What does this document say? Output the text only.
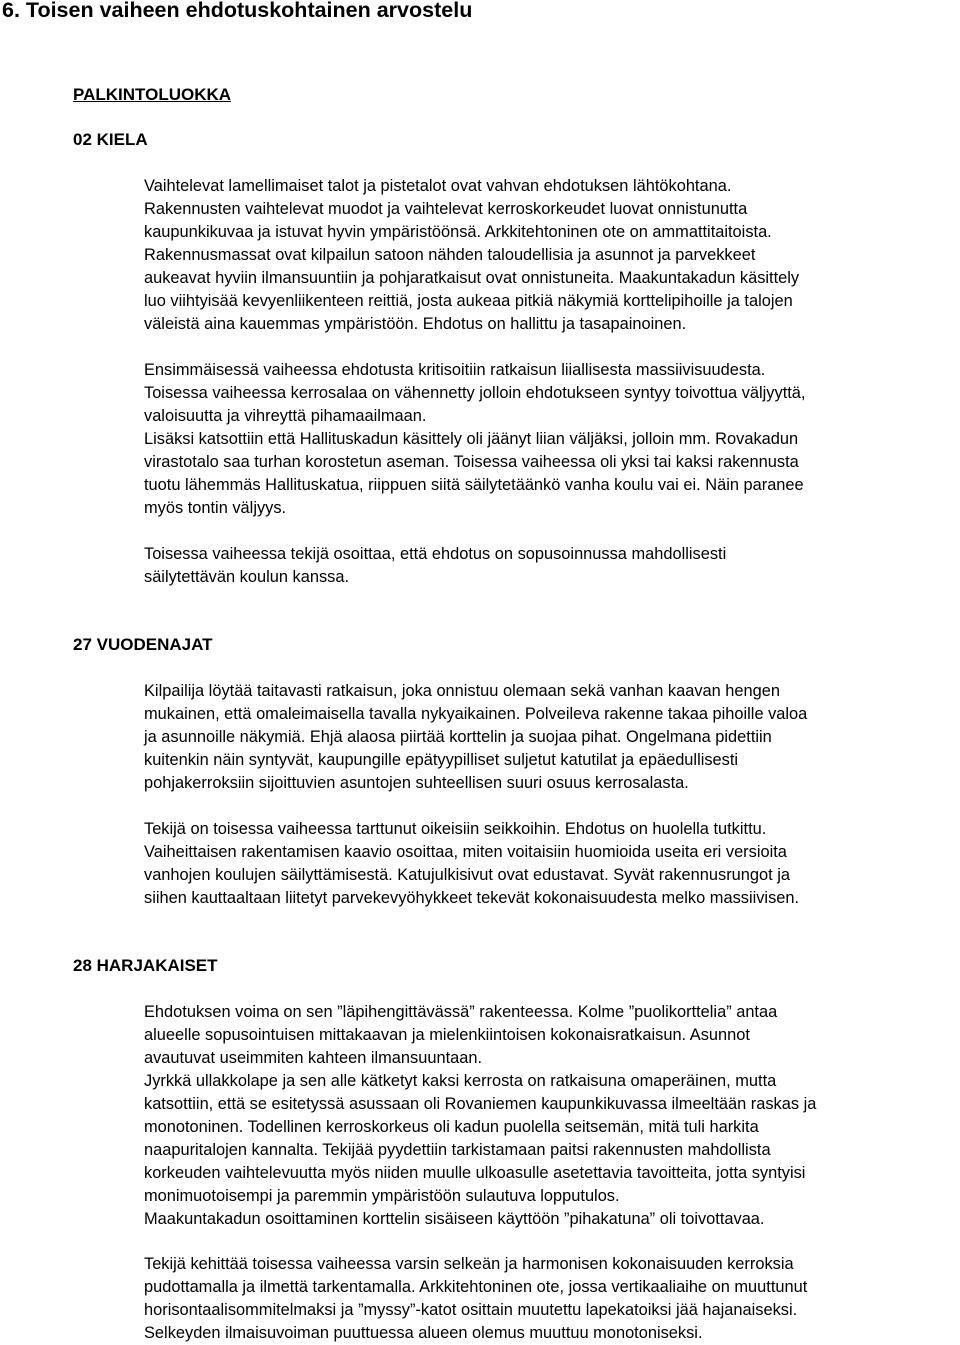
6. Toisen vaiheen ehdotuskohtainen arvostelu
PALKINTOLUOKKA
02 KIELA
Vaihtelevat lamellimaiset talot ja pistetalot ovat vahvan ehdotuksen lähtökohtana.
Rakennusten vaihtelevat muodot ja vaihtelevat kerroskorkeudet luovat onnistunutta
kaupunkikuvaa ja istuvat hyvin ympäristöönsä. Arkkitehtoninen ote on ammattitaitoista.
Rakennusmassat ovat kilpailun satoon nähden taloudellisia ja asunnot ja parvekkeet
aukeavat hyviin ilmansuuntiin ja pohjaratkaisut ovat onnistuneita. Maakuntakadun käsittely
luo viihtyisää kevyenliikenteen reittiä, josta aukeaa pitkiä näkymiä korttelipihoille ja talojen
väleistä aina kauemmas ympäristöön. Ehdotus on hallittu ja tasapainoinen.
Ensimmäisessä vaiheessa ehdotusta kritisoitiin ratkaisun liiallisesta massiivisuudesta.
Toisessa vaiheessa kerrosalaa on vähennetty jolloin ehdotukseen syntyy toivottua väljyyttä,
valoisuutta ja vihreyttä pihamaailmaan.
Lisäksi katsottiin että Hallituskadun käsittely oli jäänyt liian väljäksi, jolloin mm. Rovakadun
virastotalo saa turhan korostetun aseman. Toisessa vaiheessa oli yksi tai kaksi rakennusta
tuotu lähemmäs Hallituskatua, riippuen siitä säilytetäänkö vanha koulu vai ei. Näin paranee
myös tontin väljyys.
Toisessa vaiheessa tekijä osoittaa, että ehdotus on sopusoinnussa mahdollisesti
säilytettävän koulun kanssa.
27 VUODENAJAT
Kilpailija löytää taitavasti ratkaisun, joka onnistuu olemaan sekä vanhan kaavan hengen
mukainen, että omaleimaisella tavalla nykyaikainen. Polveileva rakenne takaa pihoille valoa
ja asunnoille näkymiä. Ehjä alaosa piirtää korttelin ja suojaa pihat. Ongelmana pidettiin
kuitenkin näin syntyvät, kaupungille epätyypilliset suljetut katutilat ja epäedullisesti
pohjakerroksiin sijoittuvien asuntojen suhteellisen suuri osuus kerrosalasta.
Tekijä on toisessa vaiheessa tarttunut oikeisiin seikkoihin. Ehdotus on huolella tutkittu.
Vaiheittaisen rakentamisen kaavio osoittaa, miten voitaisiin huomioida useita eri versioita
vanhojen koulujen säilyttämisestä. Katujulkisivut ovat edustavat. Syvät rakennusrungot ja
siihen kauttaaltaan liitetyt parvekevyöhykkeet tekevät kokonaisuudesta melko massiivisen.
28 HARJAKAISET
Ehdotuksen voima on sen ”läpihengittävässä” rakenteessa. Kolme ”puolikorttelia” antaa
alueelle sopusointuisen mittakaavan ja mielenkiintoisen kokonaisratkaisun. Asunnot
avautuvat useimmiten kahteen ilmansuuntaan.
Jyrkkä ullakkolape ja sen alle kätketyt kaksi kerrosta on ratkaisuna omaperäinen, mutta
katsottiin, että se esitetyssä asussaan oli Rovaniemen kaupunkikuvassa ilmeeltään raskas ja
monotoninen. Todellinen kerroskorkeus oli kadun puolella seitsemän, mitä tuli harkita
naapuritalojen kannalta. Tekijää pyydettiin tarkistamaan paitsi rakennusten mahdollista
korkeuden vaihtelevuutta myös niiden muulle ulkoasulle asetettavia tavoitteita, jotta syntyisi
monimuotoisempi ja paremmin ympäristöön sulautuva lopputulos.
Maakuntakadun osoittaminen korttelin sisäiseen käyttöön ”pihakatuna” oli toivottavaa.
Tekijä kehittää toisessa vaiheessa varsin selkeän ja harmonisen kokonaisuuden kerroksia
pudottamalla ja ilmettä tarkentamalla. Arkkitehtoninen ote, jossa vertikaaliaihe on muuttunut
horisontaalisommitelmaksi ja ”myssy”-katot osittain muutettu lapekatoiksi jää hajanaiseksi.
Selkeyden ilmaisuvoiman puuttuessa alueen olemus muuttuu monotoniseksi.
